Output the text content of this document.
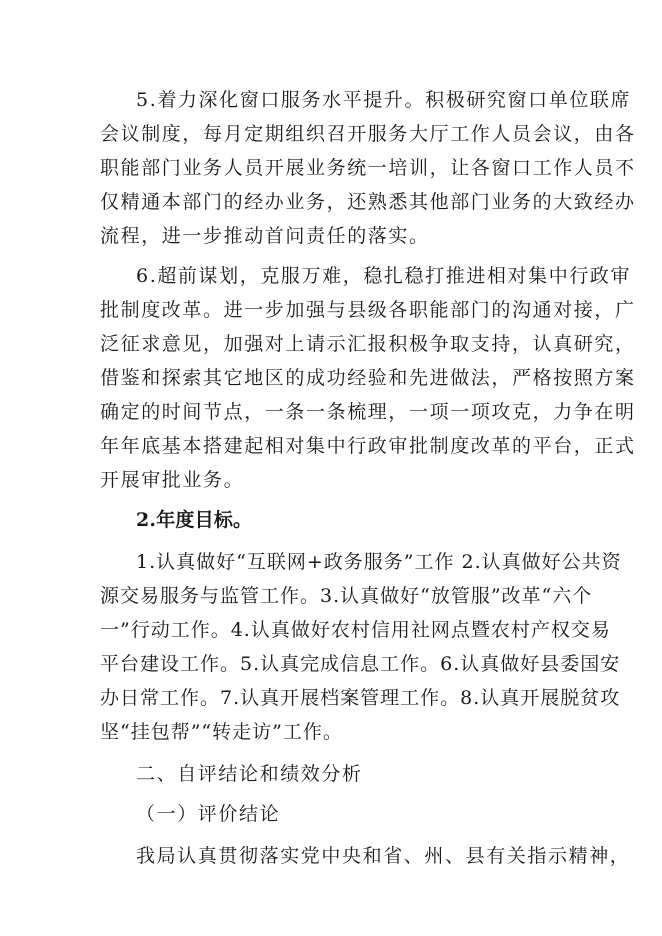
5.着力深化窗口服务水平提升。积极研究窗口单位联席
会议制度，每月定期组织召开服务大厅工作人员会议，由各
职能部门业务人员开展业务统一培训，让各窗口工作人员不
仅精通本部门的经办业务，还熟悉其他部门业务的大致经办
流程，进一步推动首问责任的落实。
6.超前谋划，克服万难，稳扎稳打推进相对集中行政审
批制度改革。进一步加强与县级各职能部门的沟通对接，广
泛征求意见，加强对上请示汇报积极争取支持，认真研究，
借鉴和探索其它地区的成功经验和先进做法，严格按照方案
确定的时间节点，一条一条梳理，一项一项攻克，力争在明
年年底基本搭建起相对集中行政审批制度改革的平台，正式
开展审批业务。
2.年度目标。
1.认真做好“互联网+政务服务”工作 2.认真做好公共资
源交易服务与监管工作。3.认真做好“放管服”改革“六个
一”行动工作。4.认真做好农村信用社网点暨农村产权交易
平台建设工作。5.认真完成信息工作。6.认真做好县委国安
办日常工作。7.认真开展档案管理工作。8.认真开展脱贫攻
坚“挂包帮”“转走访”工作。
二、自评结论和绩效分析
（一）评价结论
我局认真贯彻落实党中央和省、州、县有关指示精神，
